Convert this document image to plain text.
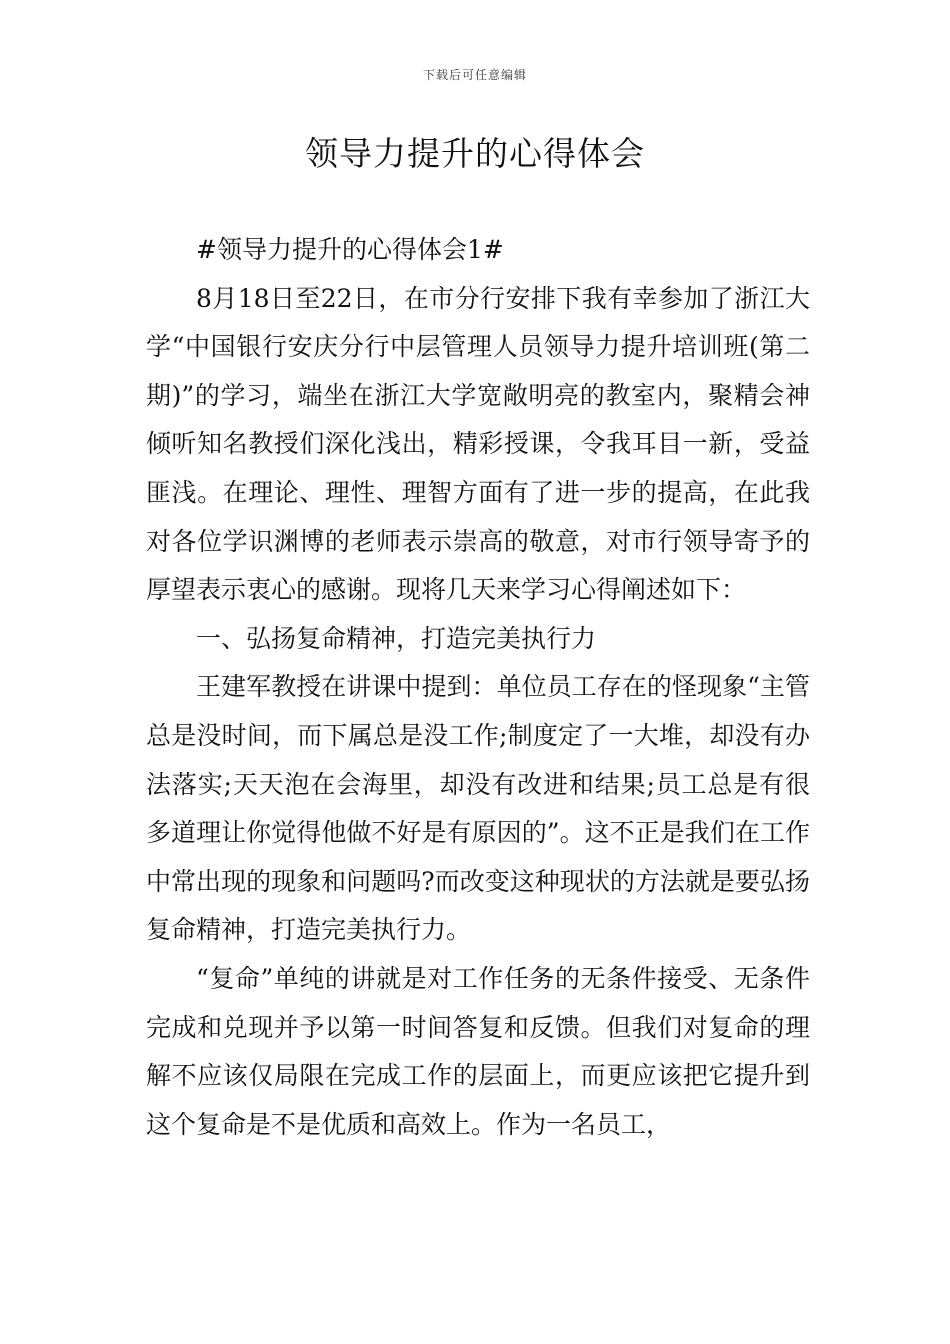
下载后可任意编辑
领导力提升的心得体会

#领导力提升的心得体会1#

8月18日至22日，在市分行安排下我有幸参加了浙江大学“中国银行安庆分行中层管理人员领导力提升培训班(第二期)”的学习，端坐在浙江大学宽敞明亮的教室内，聚精会神倾听知名教授们深化浅出，精彩授课，令我耳目一新，受益匪浅。在理论、理性、理智方面有了进一步的提高，在此我对各位学识渊博的老师表示崇高的敬意，对市行领导寄予的厚望表示衷心的感谢。现将几天来学习心得阐述如下：

一、弘扬复命精神，打造完美执行力

王建军教授在讲课中提到：单位员工存在的怪现象“主管总是没时间，而下属总是没工作;制度定了一大堆，却没有办法落实;天天泡在会海里，却没有改进和结果;员工总是有很多道理让你觉得他做不好是有原因的”。这不正是我们在工作中常出现的现象和问题吗?而改变这种现状的方法就是要弘扬复命精神，打造完美执行力。

“复命”单纯的讲就是对工作任务的无条件接受、无条件完成和兑现并予以第一时间答复和反馈。但我们对复命的理解不应该仅局限在完成工作的层面上，而更应该把它提升到这个复命是不是优质和高效上。作为一名员工，
